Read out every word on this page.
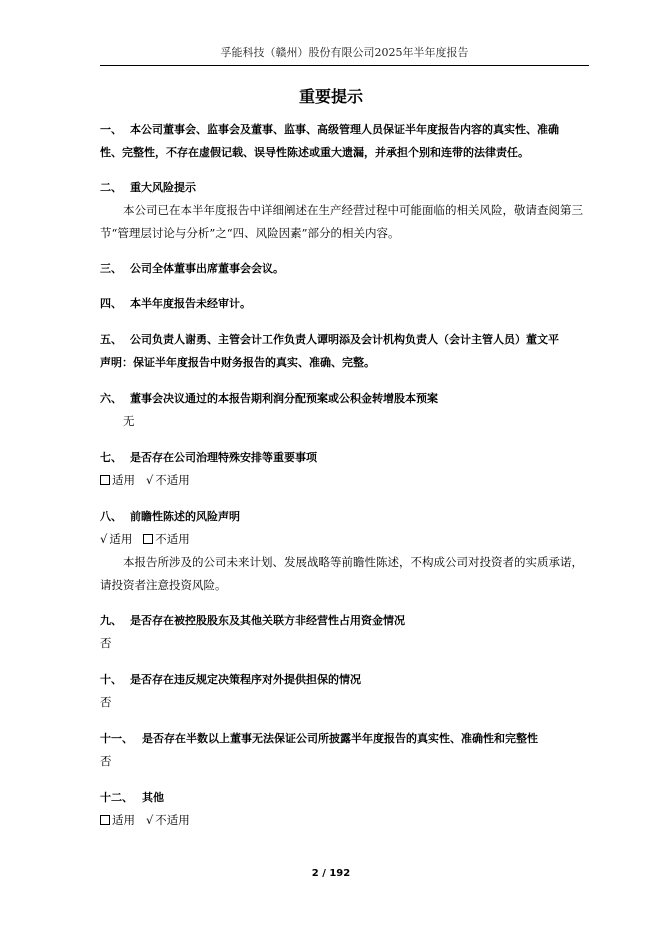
孚能科技（赣州）股份有限公司2025年半年度报告
重要提示
一、 本公司董事会、监事会及董事、监事、高级管理人员保证半年度报告内容的真实性、准确
性、完整性，不存在虚假记载、误导性陈述或重大遗漏，并承担个别和连带的法律责任。
二、 重大风险提示
本公司已在本半年度报告中详细阐述在生产经营过程中可能面临的相关风险，敬请查阅第三
节“管理层讨论与分析”之“四、风险因素”部分的相关内容。
三、 公司全体董事出席董事会会议。
四、 本半年度报告未经审计。
五、 公司负责人谢勇、主管会计工作负责人谭明添及会计机构负责人（会计主管人员）董文平
声明：保证半年度报告中财务报告的真实、准确、完整。
六、 董事会决议通过的本报告期利润分配预案或公积金转增股本预案
无
七、 是否存在公司治理特殊安排等重要事项
适用 √ 不适用
八、 前瞻性陈述的风险声明
√ 适用 不适用
本报告所涉及的公司未来计划、发展战略等前瞻性陈述，不构成公司对投资者的实质承诺，
请投资者注意投资风险。
九、 是否存在被控股股东及其他关联方非经营性占用资金情况
否
十、 是否存在违反规定决策程序对外提供担保的情况
否
十一、 是否存在半数以上董事无法保证公司所披露半年度报告的真实性、准确性和完整性
否
十二、 其他
适用 √ 不适用
2 / 192
